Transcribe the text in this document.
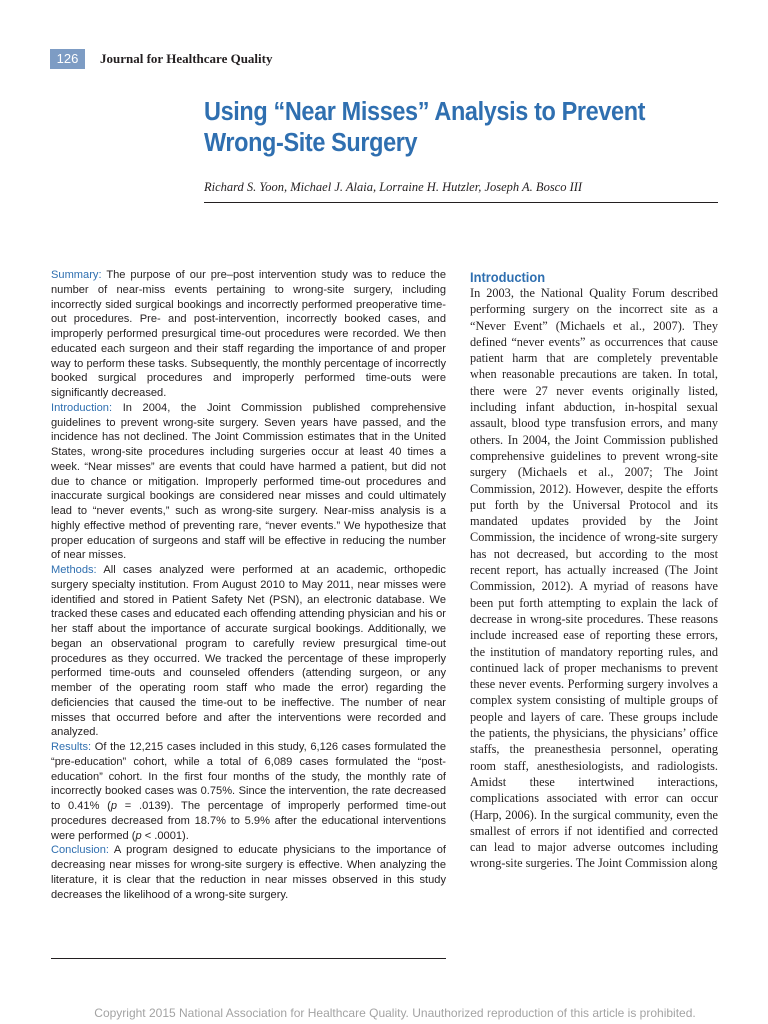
126	Journal for Healthcare Quality
Using “Near Misses” Analysis to Prevent Wrong-Site Surgery
Richard S. Yoon, Michael J. Alaia, Lorraine H. Hutzler, Joseph A. Bosco III

Summary: The purpose of our pre–post intervention study was to reduce the number of near-miss events pertaining to wrong-site surgery, including incorrectly sided surgical bookings and incorrectly performed preoperative time-out procedures. Pre- and post-intervention, incorrectly booked cases, and improperly performed presurgical time-out procedures were recorded. We then educated each surgeon and their staff regarding the importance of and proper way to perform these tasks. Subsequently, the monthly percentage of incorrectly booked surgical procedures and improperly performed time-outs were significantly decreased.

Introduction: In 2004, the Joint Commission published comprehensive guidelines to prevent wrong-site surgery. Seven years have passed, and the incidence has not declined. The Joint Commission estimates that in the United States, wrong-site procedures including surgeries occur at least 40 times a week. “Near misses” are events that could have harmed a patient, but did not due to chance or mitigation. Improperly performed time-out procedures and inaccurate surgical bookings are considered near misses and could ultimately lead to “never events,” such as wrong-site surgery. Near-miss analysis is a highly effective method of preventing rare, “never events.” We hypothesize that proper education of surgeons and staff will be effective in reducing the number of near misses.

Methods: All cases analyzed were performed at an academic, orthopedic surgery specialty institution. From August 2010 to May 2011, near misses were identified and stored in Patient Safety Net (PSN), an electronic database. We tracked these cases and educated each offending attending physician and his or her staff about the importance of accurate surgical bookings. Additionally, we began an observational program to carefully review presurgical time-out procedures as they occurred. We tracked the percentage of these improperly performed time-outs and counseled offenders (attending surgeon, or any member of the operating room staff who made the error) regarding the deficiencies that caused the time-out to be ineffective. The number of near misses that occurred before and after the interventions were recorded and analyzed.

Results: Of the 12,215 cases included in this study, 6,126 cases formulated the “pre-education” cohort, while a total of 6,089 cases formulated the “post-education” cohort. In the first four months of the study, the monthly rate of incorrectly booked cases was 0.75%. Since the intervention, the rate decreased to 0.41% (p = .0139). The percentage of improperly performed time-out procedures decreased from 18.7% to 5.9% after the educational interventions were performed (p < .0001).

Conclusion: A program designed to educate physicians to the importance of decreasing near misses for wrong-site surgery is effective. When analyzing the literature, it is clear that the reduction in near misses observed in this study decreases the likelihood of a wrong-site surgery.

Introduction

In 2003, the National Quality Forum described performing surgery on the incorrect site as a “Never Event” (Michaels et al., 2007). They defined “never events” as occurrences that cause patient harm that are completely preventable when reasonable precautions are taken. In total, there were 27 never events originally listed, including infant abduction, in-hospital sexual assault, blood type transfusion errors, and many others. In 2004, the Joint Commission published comprehensive guidelines to prevent wrong-site surgery (Michaels et al., 2007; The Joint Commission, 2012). However, despite the efforts put forth by the Universal Protocol and its mandated updates provided by the Joint Commission, the incidence of wrong-site surgery has not decreased, but according to the most recent report, has actually increased (The Joint Commission, 2012). A myriad of reasons have been put forth attempting to explain the lack of decrease in wrong-site procedures. These reasons include increased ease of reporting these errors, the institution of mandatory reporting rules, and continued lack of proper mechanisms to prevent these never events. Performing surgery involves a complex system consisting of multiple groups of people and layers of care. These groups include the patients, the physicians, the physicians’ office staffs, the preanesthesia personnel, operating room staff, anesthesiologists, and radiologists. Amidst these intertwined interactions, complications associated with error can occur (Harp, 2006). In the surgical community, even the smallest of errors if not identified and corrected can lead to major adverse outcomes including wrong-site surgeries. The Joint Commission along

Copyright 2015 National Association for Healthcare Quality. Unauthorized reproduction of this article is prohibited.
